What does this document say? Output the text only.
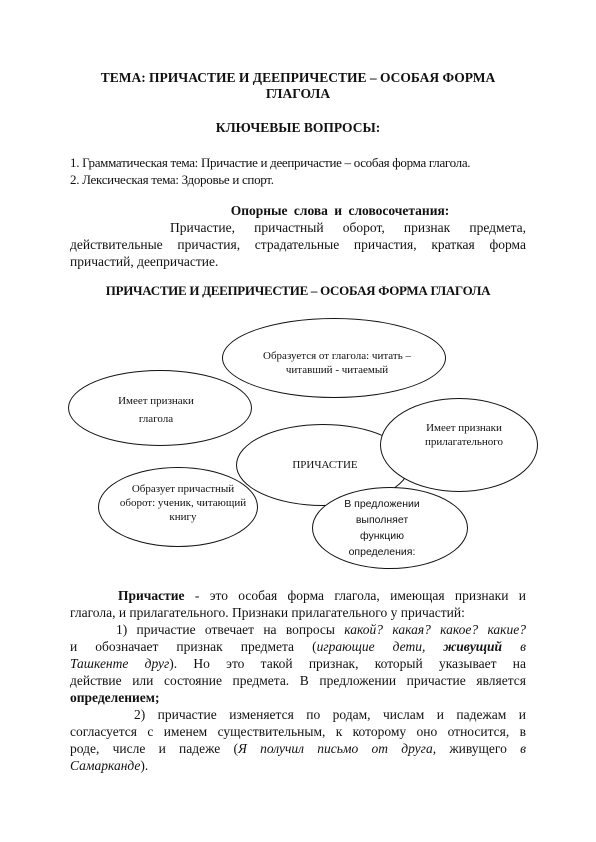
ТЕМА: ПРИЧАСТИЕ И ДЕЕПРИЧЕСТИЕ – ОСОБАЯ ФОРМА ГЛАГОЛА
КЛЮЧЕВЫЕ ВОПРОСЫ:
1. Грамматическая тема: Причастие и деепричастие – особая форма глагола.
2. Лексическая тема: Здоровье и спорт.
Опорные слова и словосочетания:
Причастие, причастный оборот, признак предмета,
действительные причастия, страдательные причастия, краткая форма
причастий, деепричастие.
ПРИЧАСТИЕ И ДЕЕПРИЧЕСТИЕ – ОСОБАЯ ФОРМА ГЛАГОЛА
Образуется от глагола: читать – читавший - читаемый
Имеет признаки глагола
Имеет признаки прилагательного
ПРИЧАСТИЕ
Образует причастный оборот: ученик, читающий книгу
В предложении выполняет функцию определения:
Причастие - это особая форма глагола, имеющая признаки и
глагола, и прилагательного. Признаки прилагательного у причастий:
1) причастие отвечает на вопросы какой? какая? какое? какие?
и обозначает признак предмета (играющие дети, живущий в
Ташкенте друг). Но это такой признак, который указывает на
действие или состояние предмета. В предложении причастие является
определением;
2) причастие изменяется по родам, числам и падежам и
согласуется с именем существительным, к которому оно относится, в
роде, числе и падеже (Я получил письмо от друга, живущего в
Самарканде).
